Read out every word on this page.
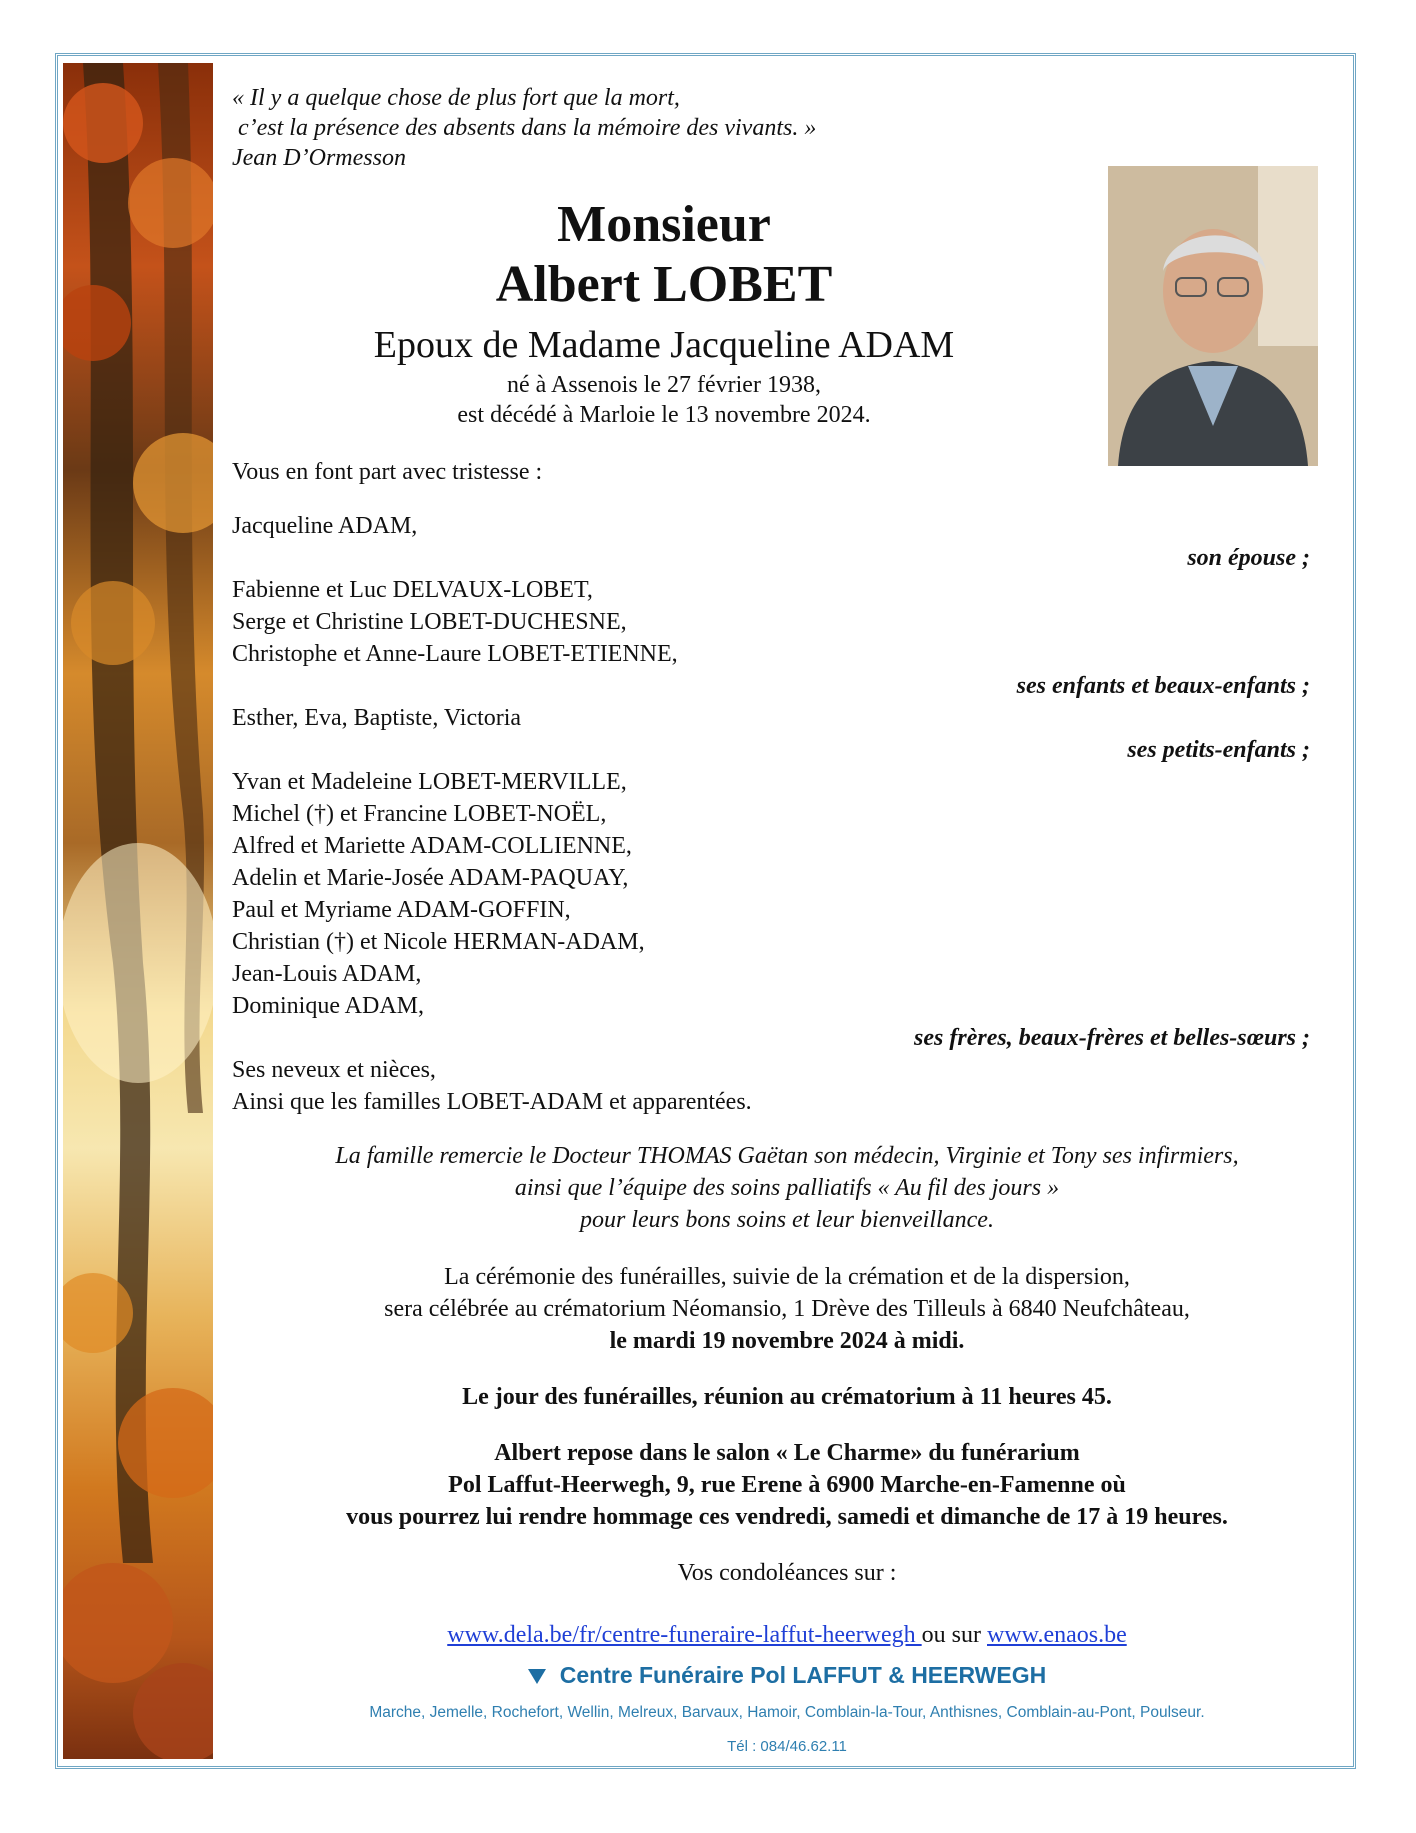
« Il y a quelque chose de plus fort que la mort,
c’est la présence des absents dans la mémoire des vivants. »
Jean D’Ormesson
Monsieur
Albert LOBET
Epoux de Madame Jacqueline ADAM
né à Assenois le 27 février 1938,
est décédé à Marloie le 13 novembre 2024.
Vous en font part avec tristesse :
Jacqueline ADAM,
son épouse ;
Fabienne et Luc DELVAUX-LOBET,
Serge et Christine LOBET-DUCHESNE,
Christophe et Anne-Laure LOBET-ETIENNE,
ses enfants et beaux-enfants ;
Esther, Eva, Baptiste, Victoria
ses petits-enfants ;
Yvan et Madeleine LOBET-MERVILLE,
Michel (†) et Francine LOBET-NOËL,
Alfred et Mariette ADAM-COLLIENNE,
Adelin et Marie-Josée ADAM-PAQUAY,
Paul et Myriame ADAM-GOFFIN,
Christian (†) et Nicole HERMAN-ADAM,
Jean-Louis ADAM,
Dominique ADAM,
ses frères, beaux-frères et belles-sœurs ;
Ses neveux et nièces,
Ainsi que les familles LOBET-ADAM et apparentées.
La famille remercie le Docteur THOMAS Gaëtan son médecin, Virginie et Tony ses infirmiers,
ainsi que l’équipe des soins palliatifs « Au fil des jours »
pour leurs bons soins et leur bienveillance.
La cérémonie des funérailles, suivie de la crémation et de la dispersion,
sera célébrée au crématorium Néomansio, 1 Drève des Tilleuls à 6840 Neufchâteau,
le mardi 19 novembre 2024 à midi.
Le jour des funérailles, réunion au crématorium à 11 heures 45.
Albert repose dans le salon « Le Charme» du funérarium
Pol Laffut-Heerwegh, 9, rue Erene à 6900 Marche-en-Famenne où
vous pourrez lui rendre hommage ces vendredi, samedi et dimanche de 17 à 19 heures.
Vos condoléances sur :
www.dela.be/fr/centre-funeraire-laffut-heerwegh ou sur www.enaos.be
Centre Funéraire Pol LAFFUT & HEERWEGH
Marche, Jemelle, Rochefort, Wellin, Melreux, Barvaux, Hamoir, Comblain-la-Tour, Anthisnes, Comblain-au-Pont, Poulseur.
Tél : 084/46.62.11
